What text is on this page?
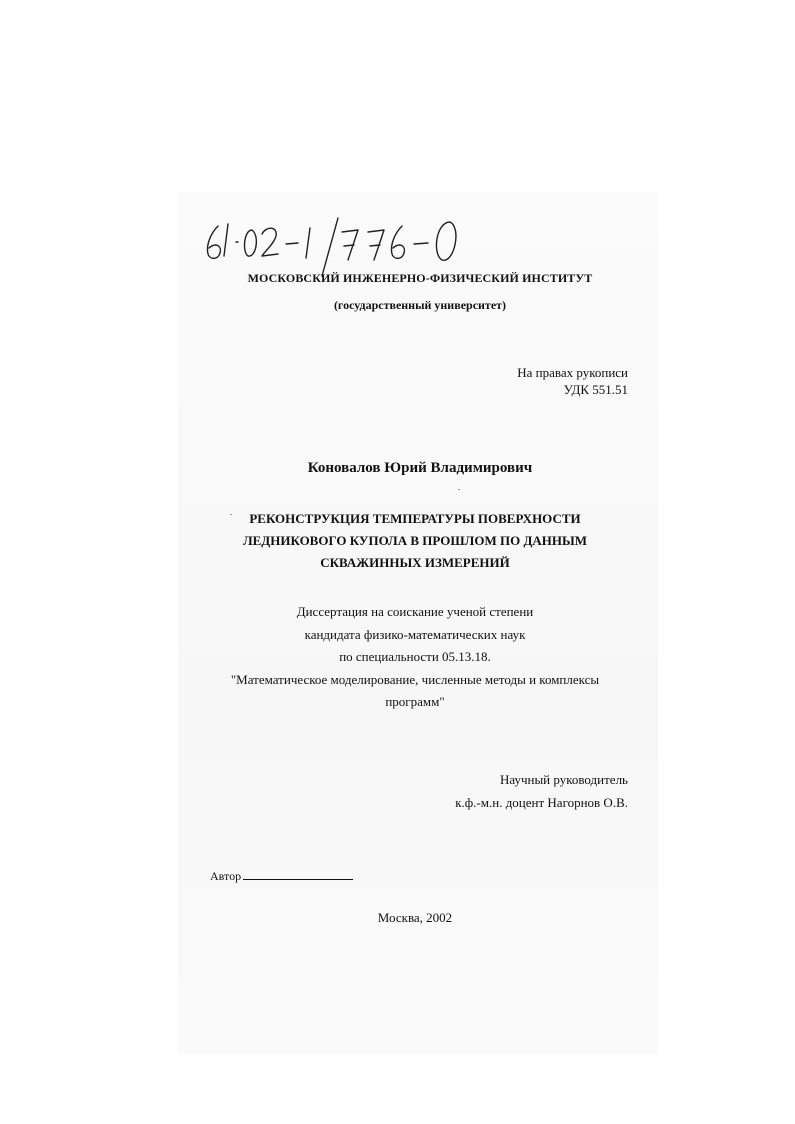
МОСКОВСКИЙ ИНЖЕНЕРНО-ФИЗИЧЕСКИЙ ИНСТИТУТ
(государственный университет)
На правах рукописи
УДК 551.51
Коновалов Юрий Владимирович
РЕКОНСТРУКЦИЯ ТЕМПЕРАТУРЫ ПОВЕРХНОСТИ
ЛЕДНИКОВОГО КУПОЛА В ПРОШЛОМ ПО ДАННЫМ
СКВАЖИННЫХ ИЗМЕРЕНИЙ
Диссертация на соискание ученой степени
кандидата физико-математических наук
по специальности 05.13.18.
"Математическое моделирование, численные методы и комплексы
программ"
Научный руководитель
к.ф.-м.н. доцент Нагорнов О.В.
Автор
Москва, 2002
